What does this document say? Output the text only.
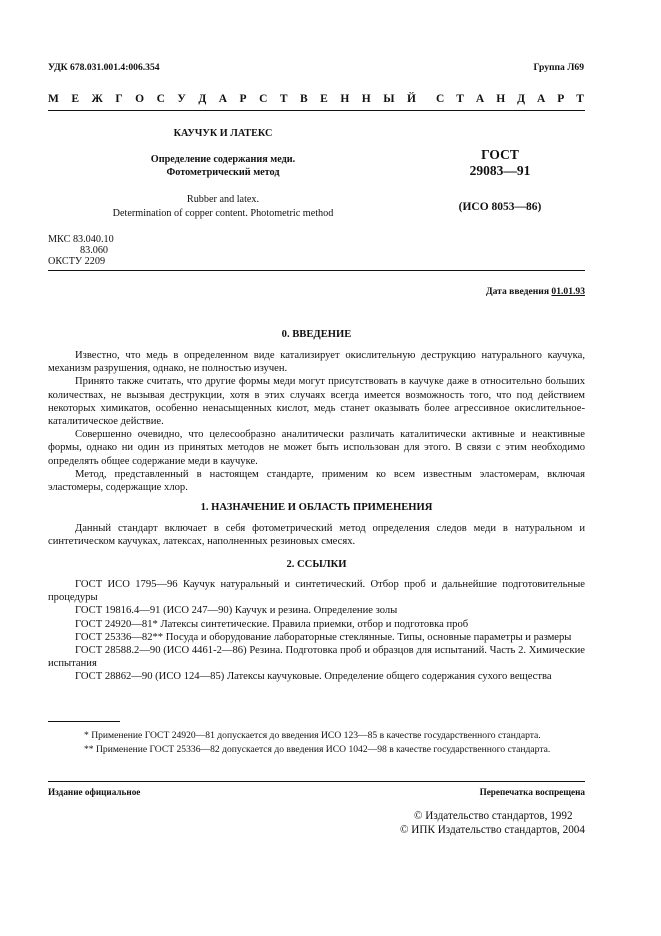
УДК 678.031.001.4:006.354	Группа Л69
М Е Ж Г О С У Д А Р С Т В Е Н Н Ы Й С Т А Н Д А Р Т
КАУЧУК И ЛАТЕКС
Определение содержания меди.
Фотометрический метод
Rubber and latex.
Determination of copper content. Photometric method
ГОСТ
29083—91
(ИСО 8053—86)
МКС 83.040.10
83.060
ОКСТУ 2209
Дата введения 01.01.93
0. ВВЕДЕНИЕ

Известно, что медь в определенном виде катализирует окислительную деструкцию натурального каучука, механизм разрушения, однако, не полностью изучен.

Принято также считать, что другие формы меди могут присутствовать в каучуке даже в относительно больших количествах, не вызывая деструкции, хотя в этих случаях всегда имеется возможность того, что под действием некоторых химикатов, особенно ненасыщенных кислот, медь станет оказывать более агрессивное окислительное-каталитическое действие.

Совершенно очевидно, что целесообразно аналитически различать каталитически активные и неактивные формы, однако ни один из принятых методов не может быть использован для этого. В связи с этим необходимо определять общее содержание меди в каучуке.

Метод, представленный в настоящем стандарте, применим ко всем известным эластомерам, включая эластомеры, содержащие хлор.

1. НАЗНАЧЕНИЕ И ОБЛАСТЬ ПРИМЕНЕНИЯ

Данный стандарт включает в себя фотометрический метод определения следов меди в натуральном и синтетическом каучуках, латексах, наполненных резиновых смесях.

2. ССЫЛКИ

ГОСТ ИСО 1795—96 Каучук натуральный и синтетический. Отбор проб и дальнейшие подготовительные процедуры

ГОСТ 19816.4—91 (ИСО 247—90) Каучук и резина. Определение золы

ГОСТ 24920—81* Латексы синтетические. Правила приемки, отбор и подготовка проб

ГОСТ 25336—82** Посуда и оборудование лабораторные стеклянные. Типы, основные параметры и размеры

ГОСТ 28588.2—90 (ИСО 4461-2—86) Резина. Подготовка проб и образцов для испытаний. Часть 2. Химические испытания

ГОСТ 28862—90 (ИСО 124—85) Латексы каучуковые. Определение общего содержания сухого вещества

* Применение ГОСТ 24920—81 допускается до введения ИСО 123—85 в качестве государственного стандарта.

** Применение ГОСТ 25336—82 допускается до введения ИСО 1042—98 в качестве государственного стандарта.

Издание официальное	Перепечатка воспрещена
© Издательство стандартов, 1992
© ИПК Издательство стандартов, 2004
